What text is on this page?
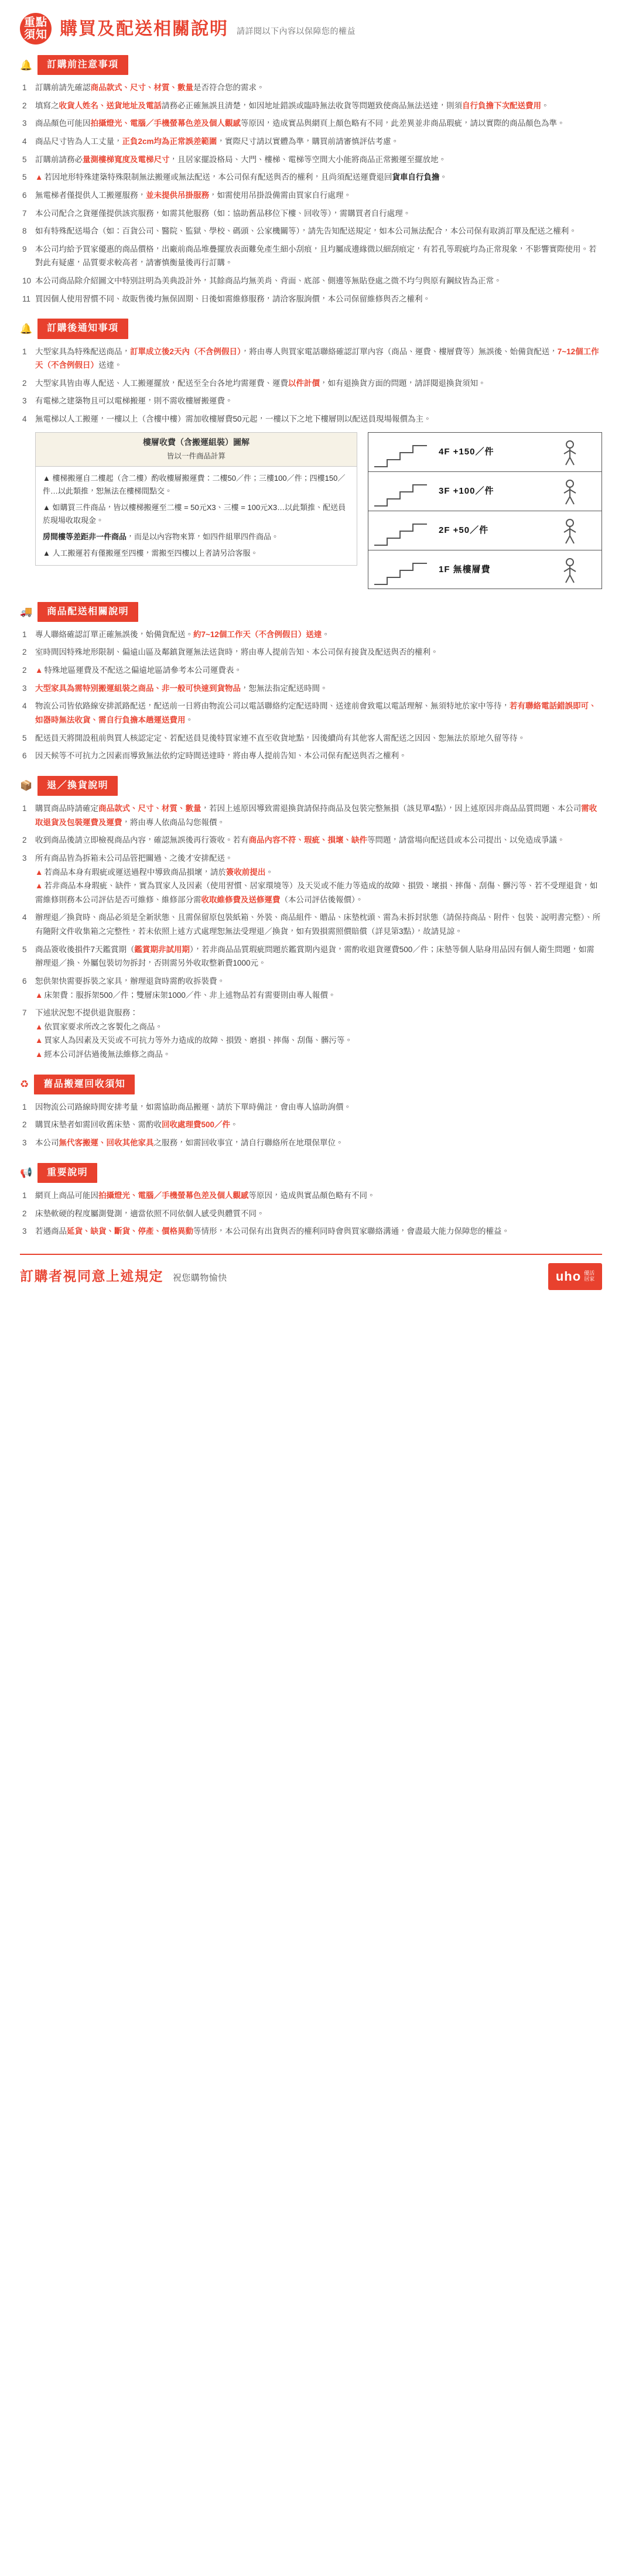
重點
須知 購買及配送相關說明 請詳閱以下內容以保障您的權益
🔔	訂購前注意事項
訂購前請先確認商品款式、尺寸、材質、數量是否符合您的需求。
填寫之收貨人姓名、送貨地址及電話請務必正確無誤且清楚，如因地址錯誤或臨時無法收貨等問題致使商品無法送達，則須自行負擔下次配送費用。
商品顏色可能因拍攝燈光、電腦／手機螢幕色差及個人觀感等原因，造成實品與網頁上顏色略有不同，此差異並非商品瑕疵，請以實際的商品顏色為準。
商品尺寸皆為人工丈量，正負2cm均為正常誤差範圍，實際尺寸請以實體為準，購買前請審慎評估考慮。
訂購前請務必量測樓梯寬度及電梯尺寸，且居家擺設格局、大門、樓梯、電梯等空間大小能將商品正常搬運至擺放地。
▲ 若因地形特殊建築特殊限制無法搬運或無法配送，本公司保有配送與否的權利，且尚須配送運費退回貨車自行負擔。
無電梯者僅提供人工搬運服務，並未提供吊掛服務，如需使用吊掛設備需由買家自行處理。
本公司配合之貨運僅提供該宾服務，如需其他服務（如：協助舊品移位下樓、回收等），需購買者自行處理。
如有特殊配送場合（如：百貨公司、醫院、監獄、學校、碼頭、公家機關等），請先告知配送規定，如本公司無法配合，本公司保有取消訂單及配送之權利。
本公司均給予買家優惠的商品價格，出廠前商品堆疊擺放表面難免產生細小刮痕，且均屬成邊緣微以細刮痕定，有若孔等瑕疵均為正常現象，不影響實際使用。若對此有疑慮，品質要求較高者，請審慎衡量後再行訂購。
本公司商品除介紹圖文中特別註明為美典設計外，其餘商品均無美肖、背面、底部、側邊等無貼登處之微不均勻與原有鋼紋皆為正常。
買因個人使用習慣不同、故販售後均無保固期、日後如需維修服務，請洽客服詢價，本公司保留維修與否之權利。
🔔	訂購後通知事項
大型家具為特殊配送商品，訂單成立後2天內（不含例假日），將由專人與買家電話聯絡確認訂單內容（商品、運費、樓層費等）無誤後、始備貨配送，7~12個工作天（不含例假日）送達。
大型家具皆由專人配送、人工搬運擺放，配送至全台各地均需運費、運費以件計價，如有退換貨方面的問題，請詳閱退換貨須知。
有電梯之建築物且可以電梯搬運，則不需收樓層搬運費。
無電梯以人工搬運，一樓以上（含樓中樓）需加收樓層費50元起，一樓以下之地下樓層則以配送員現場報價為主。
樓層收費（含搬運組裝）圖解
皆以一件商品計算

▲ 樓梯搬運自二樓起（含二樓）酌收樓層搬運費：二樓50／件；三樓100／件；四樓150／件…以此類推，恕無法在樓梯間點交。

▲ 如購買三件商品，皆以樓梯搬運至二樓 = 50元X3、三樓 = 100元X3…以此類推、配送員於現場收取現金。

房間樓等差距非一件商品，而是以內容物來算，如四件組單四件商品。

▲ 人工搬運若有僅搬運至四樓，需搬至四樓以上者請另洽客服。

4F +150／件
3F +100／件
2F +50／件
1F 無樓層費
🚚	商品配送相關說明
專人聯絡確認訂單正確無誤後，始備貨配送。約7~12個工作天（不含例假日）送達。
室時間因特殊地形限制、偏遠山區及鄰鎮貨運無法送貨時，將由專人提前告知、本公司保有接貨及配送與否的權利。
▲ 特殊地區運費及不配送之偏遠地區請參考本公司運費表。
大型家具為需特別搬運組裝之商品、非一般可快速到貨物品，恕無法指定配送時間。
物流公司皆依路線安排派路配送，配送前一日將由物流公司以電話聯絡約定配送時間、送達前會致電以電話理解、無須特地於家中等待，若有聯絡電話錯誤即可、如器時無法收貨、需自行負擔本趟運送費用。
配送員天將開設租前與買人核認定定、若配送員見後特買家連不直至收貨地點，因後續尚有其他客人需配送之因因、恕無法於原地久留等待。
因天候等不可抗力之因素而導致無法依約定時間送達時，將由專人提前告知、本公司保有配送與否之權利。
📦	退／換貨說明
購買商品時請確定商品款式、尺寸、材質、數量，若因上述原因導致需退換貨請保持商品及包裝完整無損（該見單4點），因上述原因非商品品質問題、本公司需收取退貨及包裝運費及運費，將由專人依商品勾您報價。
收到商品後請立即檢視商品內容，確認無誤後再行簽收。若有商品內容不符、瑕疵、損壞、缺件等問題，請當場向配送員或本公司提出、以免造成爭議。
所有商品皆為拆箱未公司品管把關過、之後才安排配送。
▲ 若商品本身有瑕疵或運送過程中導致商品損壞，請於簽收前提出。
▲ 若非商品本身瑕疵、缺件，實為買家人及因素（使用習慣、居家環境等）及天災或不能力等造成的故障、損毀、壞損、摔傷、刮傷、髒污等、若不受理退貨，如需維修則務本公司評估是否可維修、維修部分需收取維修費及送修運費（本公司評估後報價）。
辦理退／換貨時、商品必須是全新狀態、且需保留原包裝紙箱、外裝、商品組件、贈品、床墊枕頭、需為未拆封狀態（請保持商品、附件、包裝、說明書完整）、所有隨附文件收集箱之完整性，若未依照上述方式處理恕無法受理退／換貨，如有毀損需照價賠償（詳見第3點），故請見諒。
商品簽收後損件7天鑑賞期（鑑賞期非試用期），若非商品品質瑕疵問題於鑑賞期內退貨，需酌收退貨運費500／件；床墊等個人貼身用品因有個人衛生問題，如需辦理退／換、外屬包裝切勿拆封，否則需另外收取整新費1000元。
恕供架快需要拆裝之家具，辦理退貨時需酌收拆裝費。
▲ 床架費：服拆架500／件；雙層床架1000／件、非上述物品若有需要則由專人報價。
下述狀況恕不提供退貨服務：
▲ 依買家要求所改之客製化之商品。
▲ 買家人為因素及天災或不可抗力等外力造成的故障、損毀、磨損、摔傷、刮傷、髒污等。
▲ 經本公司評估過後無法維修之商品。
♻	舊品搬運回收須知
因物流公司路線時間安排考量，如需協助商品搬運、請於下單時備註，會由專人協助詢價。
購買床墊者如需回收舊床墊、需酌收回收處理費500／件。
本公司無代客搬運、回收其他家具之服務，如需回收事宜，請自行聯絡所在地環保單位。
📢	重要說明
網頁上商品可能因拍攝燈光、電腦／手機螢幕色差及個人觀感等原因，造成與實品顏色略有不同。
床墊軟硬的程度屬測覺測，適當依照不同依個人感受與體質不同。
若遇商品延貨、缺貨、斷貨、停產、價格異動等情形，本公司保有出貨與否的權利同時會與買家聯絡溝通，會盡最大能力保障您的權益。
訂購者視同意上述規定 祝您購物愉快	uho 優活
居家
